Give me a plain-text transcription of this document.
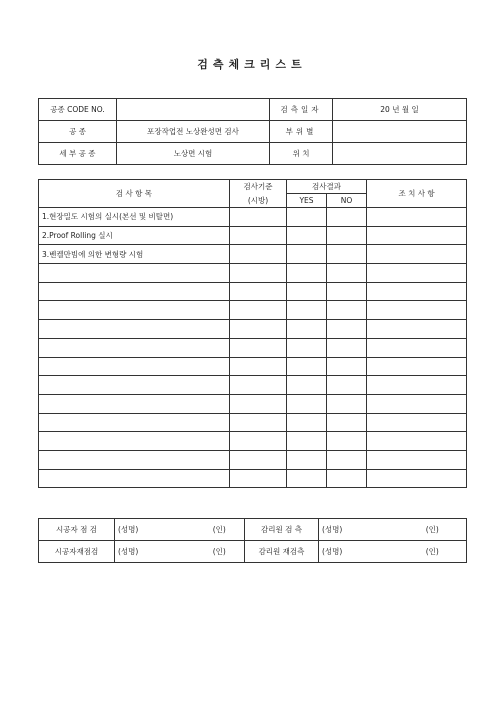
검측체크리스트
공종 CODE NO.		검측일자	20 년 월 일
공 종	포장작업전 노상완성면 검사	부위별	
세 부 공 종	노상면 시험	위 치	
검 사 항 목	검사기준	검사결과		조 치 사 항
	(시방)	YES	NO	
1.현장밀도 시험의 실시(본선 및 비탈면)				
2.Proof Rolling 실시				
3.벤켈만빔에 의한 변형량 시험				

시공자 점 검	(성명)	(인)	감리원 검 측	(성명)	(인)
시공자재점검	(성명)	(인)	감리원 재검측	(성명)	(인)
